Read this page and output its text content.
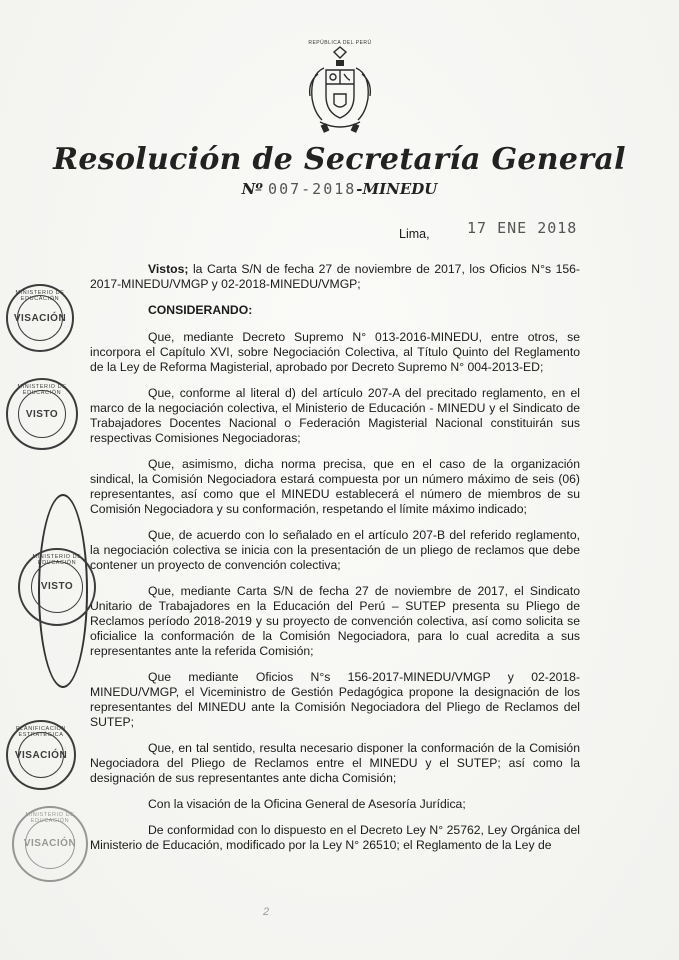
REPÚBLICA DEL PERÚ
Resolución de Secretaría General
Nº 007-2018-MINEDU
Lima, 17 ENE 2018

Vistos; la Carta S/N de fecha 27 de noviembre de 2017, los Oficios N°s 156-2017-MINEDU/VMGP y 02-2018-MINEDU/VMGP;

CONSIDERANDO:

Que, mediante Decreto Supremo N° 013-2016-MINEDU, entre otros, se incorpora el Capítulo XVI, sobre Negociación Colectiva, al Título Quinto del Reglamento de la Ley de Reforma Magisterial, aprobado por Decreto Supremo N° 004-2013-ED;

Que, conforme al literal d) del artículo 207-A del precitado reglamento, en el marco de la negociación colectiva, el Ministerio de Educación - MINEDU y el Sindicato de Trabajadores Docentes Nacional o Federación Magisterial Nacional constituirán sus respectivas Comisiones Negociadoras;

Que, asimismo, dicha norma precisa, que en el caso de la organización sindical, la Comisión Negociadora estará compuesta por un número máximo de seis (06) representantes, así como que el MINEDU establecerá el número de miembros de su Comisión Negociadora y su conformación, respetando el límite máximo indicado;

Que, de acuerdo con lo señalado en el artículo 207-B del referido reglamento, la negociación colectiva se inicia con la presentación de un pliego de reclamos que debe contener un proyecto de convención colectiva;

Que, mediante Carta S/N de fecha 27 de noviembre de 2017, el Sindicato Unitario de Trabajadores en la Educación del Perú – SUTEP presenta su Pliego de Reclamos período 2018-2019 y su proyecto de convención colectiva, así como solicita se oficialice la conformación de la Comisión Negociadora, para lo cual acredita a sus representantes ante la referida Comisión;

Que mediante Oficios N°s 156-2017-MINEDU/VMGP y 02-2018-MINEDU/VMGP, el Viceministro de Gestión Pedagógica propone la designación de los representantes del MINEDU ante la Comisión Negociadora del Pliego de Reclamos del SUTEP;

Que, en tal sentido, resulta necesario disponer la conformación de la Comisión Negociadora del Pliego de Reclamos entre el MINEDU y el SUTEP; así como la designación de sus representantes ante dicha Comisión;

Con la visación de la Oficina General de Asesoría Jurídica;

De conformidad con lo dispuesto en el Decreto Ley N° 25762, Ley Orgánica del Ministerio de Educación, modificado por la Ley N° 26510; el Reglamento de la Ley de

MINISTERIO DE EDUCACIÓN
VISACIÓN
MINISTERIO DE EDUCACIÓN
VISTO
MINISTERIO DE EDUCACIÓN
VISTO
PLANIFICACIÓN ESTRATÉGICA
VISACIÓN
MINISTERIO DE EDUCACIÓN
VISACIÓN
2
